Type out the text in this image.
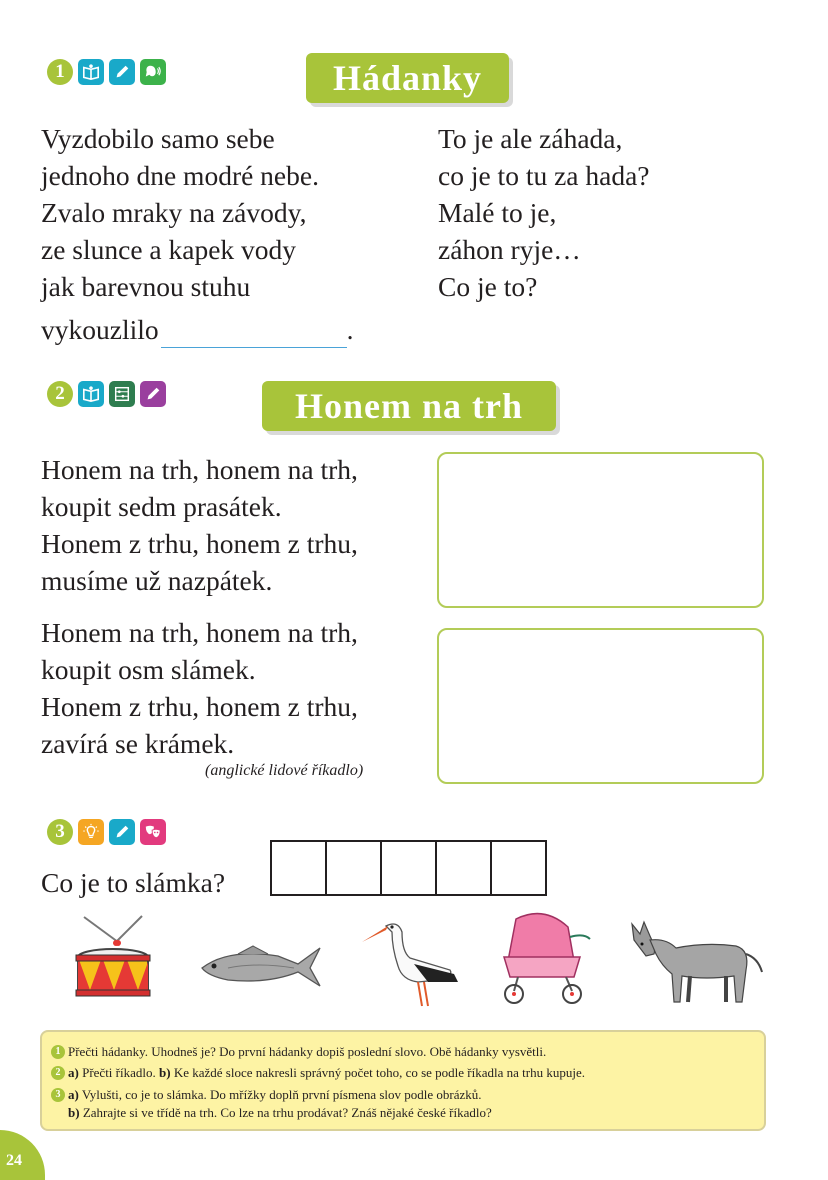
1	Hádanky
Vyzdobilo samo sebe
jednoho dne modré nebe.
Zvalo mraky na závody,
ze slunce a kapek vody
jak barevnou stuhu
vykouzlilo	.
To je ale záhada,
co je to tu za hada?
Malé to je,
záhon ryje…
Co je to?
2	Honem na trh
Honem na trh, honem na trh,
koupit sedm prasátek.
Honem z trhu, honem z trhu,
musíme už nazpátek.
Honem na trh, honem na trh,
koupit osm slámek.
Honem z trhu, honem z trhu,
zavírá se krámek.
(anglické lidové říkadlo)
3
Co je to slámka?
1 Přečti hádanky. Uhodneš je? Do první hádanky dopiš poslední slovo. Obě hádanky vysvětli.
2 a) Přečti říkadlo. b) Ke každé sloce nakresli správný počet toho, co se podle říkadla na trhu kupuje.
3 a) Vylušti, co je to slámka. Do mřížky doplň první písmena slov podle obrázků.
b) Zahrajte si ve třídě na trh. Co lze na trhu prodávat? Znáš nějaké české říkadlo?
24
